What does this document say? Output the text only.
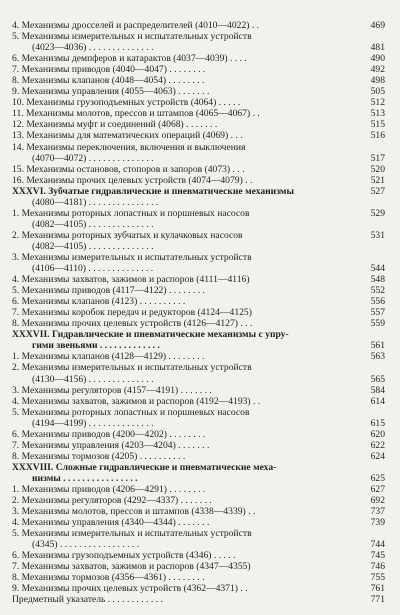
4. Механизмы дросселей и распределителей (4010—4022) . .	469
5. Механизмы измерительных и испытательных устройств
(4023—4036) . . . . . . . . . . . . . .	481
6. Механизмы демпферов и катарактов (4037—4039) . . . .	490
7. Механизмы приводов (4040—4047) . . . . . . . .	492
8. Механизмы клапанов (4048—4054) . . . . . . . .	498
9. Механизмы управления (4055—4063) . . . . . . .	505
10. Механизмы грузоподъемных устройств (4064) . . . . .	512
11. Механизмы молотов, прессов и штампов (4065—4067) . .	513
12. Механизмы муфт и соединений (4068) . . . . . . .	515
13. Механизмы для математических операций (4069) . . .	516
14. Механизмы переключения, включения и выключения
(4070—4072) . . . . . . . . . . . . . .	517
15. Механизмы остановов, стопоров и запоров (4073) . . .	520
16. Механизмы прочих целевых устройств (4074—4079) . .	521
XXXVI. Зубчатые гидравлические и пневматические механизмы	527
(4080—4181) . . . . . . . . . . . . . . .
1. Механизмы роторных лопастных и поршневых насосов	529
(4082—4105) . . . . . . . . . . . . . .
2. Механизмы роторных зубчатых и кулачковых насосов	531
(4082—4105) . . . . . . . . . . . . . .
3. Механизмы измерительных и испытательных устройств
(4106—4110) . . . . . . . . . . . . . .	544
4. Механизмы захватов, зажимов и распоров (4111—4116)	548
5. Механизмы приводов (4117—4122) . . . . . . . .	552
6. Механизмы клапанов (4123) . . . . . . . . . .	556
7. Механизмы коробок передач и редукторов (4124—4125)	557
8. Механизмы прочих целевых устройств (4126—4127) . . .	559
XXXVII. Гидравлические и пневматические механизмы с упру-
гими звеньями . . . . . . . . . . . . .	561
1. Механизмы клапанов (4128—4129) . . . . . . . .	563
2. Механизмы измерительных и испытательных устройств
(4130—4156) . . . . . . . . . . . . . .	565
3. Механизмы регуляторов (4157—4191) . . . . . . .	584
4. Механизмы захватов, зажимов и распоров (4192—4193) . .	614
5. Механизмы роторных лопастных и поршневых насосов
(4194—4199) . . . . . . . . . . . . . .	615
6. Механизмы приводов (4200—4202) . . . . . . . .	620
7. Механизмы управления (4203—4204) . . . . . . .	622
8. Механизмы тормозов (4205) . . . . . . . . . .	624
XXXVIII. Сложные гидравлические и пневматические меха-
низмы . . . . . . . . . . . . . . . .	625
1. Механизмы приводов (4206—4291) . . . . . . . .	627
2. Механизмы регуляторов (4292—4337) . . . . . . .	692
3. Механизмы молотов, прессов и штампов (4338—4339) . .	737
4. Механизмы управления (4340—4344) . . . . . . .	739
5. Механизмы измерительных и испытательных устройств
(4345) . . . . . . . . . . . . . . . . .	744
6. Механизмы грузоподъемных устройств (4346) . . . . .	745
7. Механизмы захватов, зажимов и распоров (4347—4355)	746
8. Механизмы тормозов (4356—4361) . . . . . . . .	755
9. Механизмы прочих целевых устройств (4362—4371) . .	761
Предметный указатель . . . . . . . . . . . .	771
